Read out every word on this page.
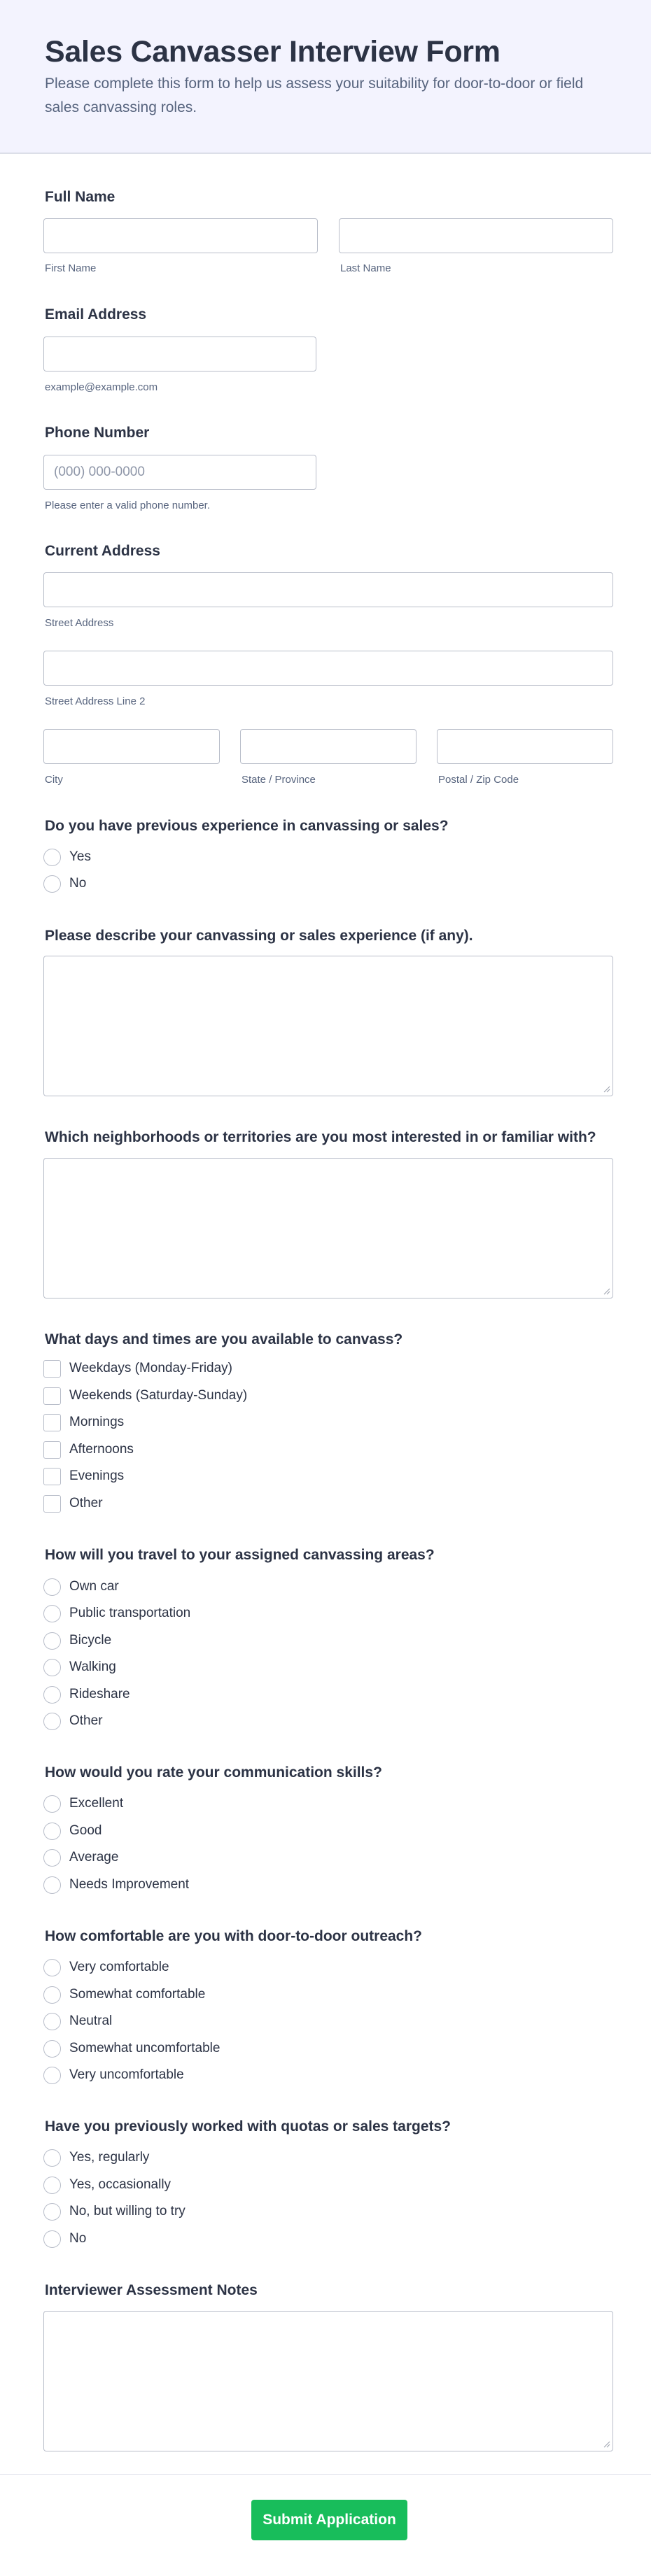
Sales Canvasser Interview Form
Please complete this form to help us assess your suitability for door-to-door or field sales canvassing roles.
Full Name
First Name	Last Name
Email Address
example@example.com
Phone Number
(000) 000-0000
Please enter a valid phone number.
Current Address
Street Address
Street Address Line 2
City	State / Province	Postal / Zip Code
Do you have previous experience in canvassing or sales?
Yes
No
Please describe your canvassing or sales experience (if any).
Which neighborhoods or territories are you most interested in or familiar with?
What days and times are you available to canvass?
Weekdays (Monday-Friday)
Weekends (Saturday-Sunday)
Mornings
Afternoons
Evenings
Other
How will you travel to your assigned canvassing areas?
Own car
Public transportation
Bicycle
Walking
Rideshare
Other
How would you rate your communication skills?
Excellent
Good
Average
Needs Improvement
How comfortable are you with door-to-door outreach?
Very comfortable
Somewhat comfortable
Neutral
Somewhat uncomfortable
Very uncomfortable
Have you previously worked with quotas or sales targets?
Yes, regularly
Yes, occasionally
No, but willing to try
No
Interviewer Assessment Notes
Submit Application
